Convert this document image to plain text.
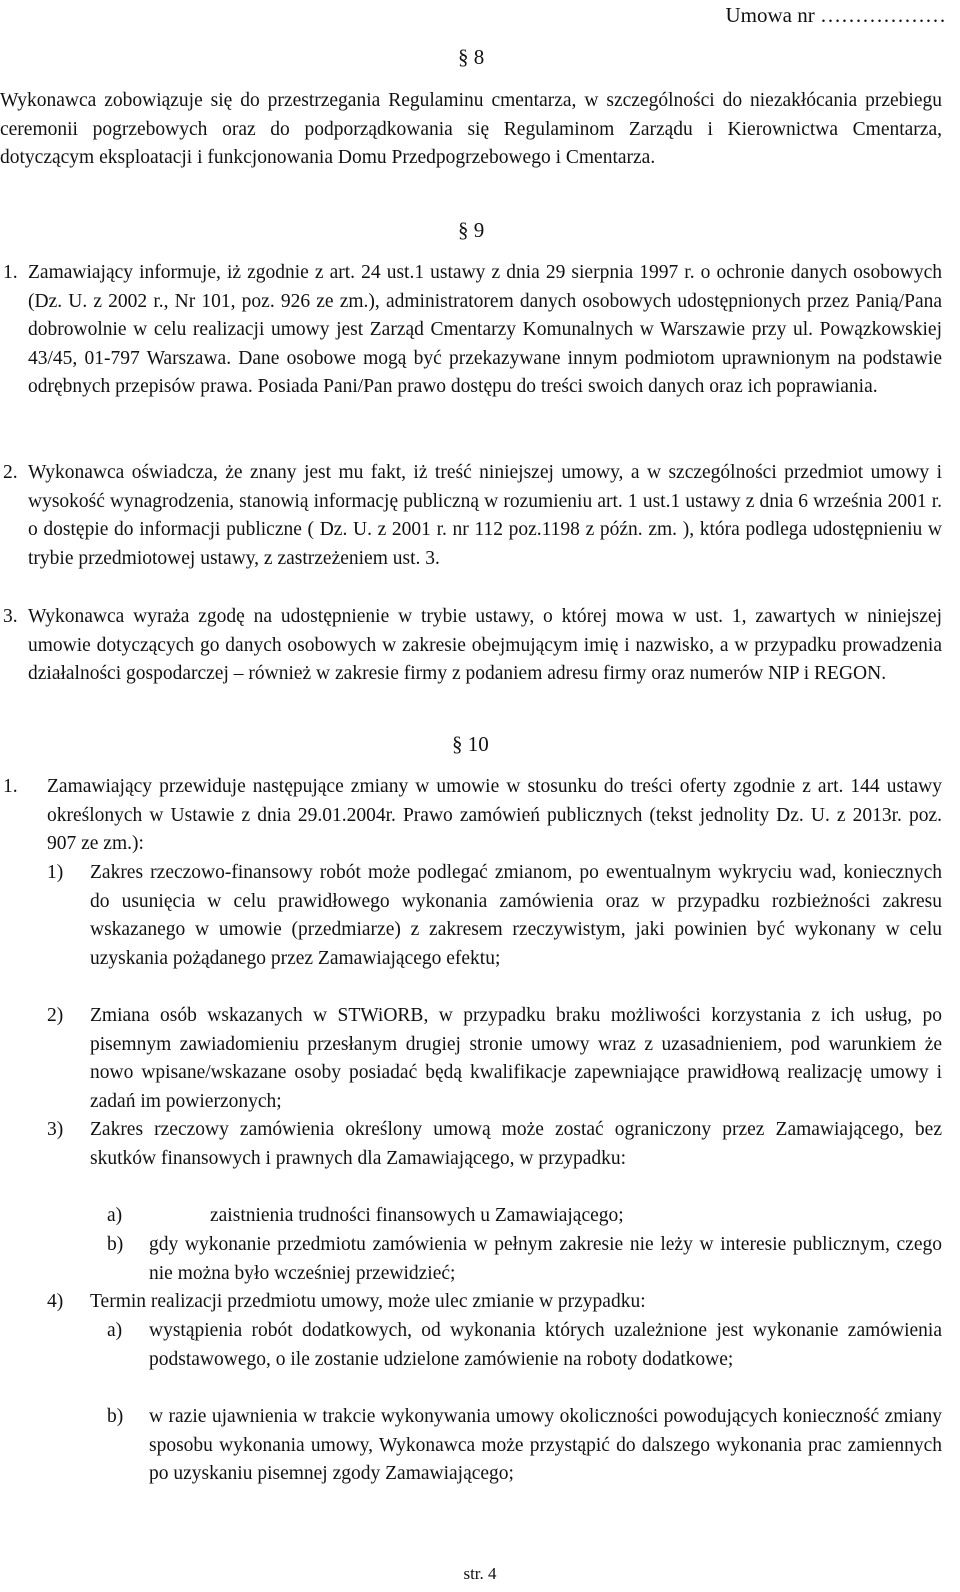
Umowa nr ………………
§ 8

Wykonawca zobowiązuje się do przestrzegania Regulaminu cmentarza, w szczególności do niezakłócania przebiegu ceremonii pogrzebowych oraz do podporządkowania się Regulaminom Zarządu i Kierownictwa Cmentarza, dotyczącym eksploatacji i funkcjonowania Domu Przedpogrzebowego i Cmentarza.

§ 9
1. Zamawiający informuje, iż zgodnie z art. 24 ust.1 ustawy z dnia 29 sierpnia 1997 r. o ochronie danych osobowych (Dz. U. z 2002 r., Nr 101, poz. 926 ze zm.), administratorem danych osobowych udostępnionych przez Panią/Pana dobrowolnie w celu realizacji umowy jest Zarząd Cmentarzy Komunalnych w Warszawie przy ul. Powązkowskiej 43/45, 01-797 Warszawa. Dane osobowe mogą być przekazywane innym podmiotom uprawnionym na podstawie odrębnych przepisów prawa. Posiada Pani/Pan prawo dostępu do treści swoich danych oraz ich poprawiania.

2. Wykonawca oświadcza, że znany jest mu fakt, iż treść niniejszej umowy, a w szczególności przedmiot umowy i wysokość wynagrodzenia, stanowią informację publiczną w rozumieniu art. 1 ust.1 ustawy z dnia 6 września 2001 r. o dostępie do informacji publiczne ( Dz. U. z 2001 r. nr 112 poz.1198 z późn. zm. ), która podlega udostępnieniu w trybie przedmiotowej ustawy, z zastrzeżeniem ust. 3.

3. Wykonawca wyraża zgodę na udostępnienie w trybie ustawy, o której mowa w ust. 1, zawartych w niniejszej umowie dotyczących go danych osobowych w zakresie obejmującym imię i nazwisko, a w przypadku prowadzenia działalności gospodarczej – również w zakresie firmy z podaniem adresu firmy oraz numerów NIP i REGON.

§ 10
1. Zamawiający przewiduje następujące zmiany w umowie w stosunku do treści oferty zgodnie z art. 144 ustawy określonych w Ustawie z dnia 29.01.2004r. Prawo zamówień publicznych (tekst jednolity Dz. U. z 2013r. poz. 907 ze zm.):

1) Zakres rzeczowo-finansowy robót może podlegać zmianom, po ewentualnym wykryciu wad, koniecznych do usunięcia w celu prawidłowego wykonania zamówienia oraz w przypadku rozbieżności zakresu wskazanego w umowie (przedmiarze) z zakresem rzeczywistym, jaki powinien być wykonany w celu uzyskania pożądanego przez Zamawiającego efektu;

2) Zmiana osób wskazanych w STWiORB, w przypadku braku możliwości korzystania z ich usług, po pisemnym zawiadomieniu przesłanym drugiej stronie umowy wraz z uzasadnieniem, pod warunkiem że nowo wpisane/wskazane osoby posiadać będą kwalifikacje zapewniające prawidłową realizację umowy i zadań im powierzonych;

3) Zakres rzeczowy zamówienia określony umową może zostać ograniczony przez Zamawiającego, bez skutków finansowych i prawnych dla Zamawiającego, w przypadku:

a)	zaistnienia trudności finansowych u Zamawiającego;

b) gdy wykonanie przedmiotu zamówienia w pełnym zakresie nie leży w interesie publicznym, czego nie można było wcześniej przewidzieć;

4) Termin realizacji przedmiotu umowy, może ulec zmianie w przypadku:

a) wystąpienia robót dodatkowych, od wykonania których uzależnione jest wykonanie zamówienia podstawowego, o ile zostanie udzielone zamówienie na roboty dodatkowe;

b) w razie ujawnienia w trakcie wykonywania umowy okoliczności powodujących konieczność zmiany sposobu wykonania umowy, Wykonawca może przystąpić do dalszego wykonania prac zamiennych po uzyskaniu pisemnej zgody Zamawiającego;

str. 4
